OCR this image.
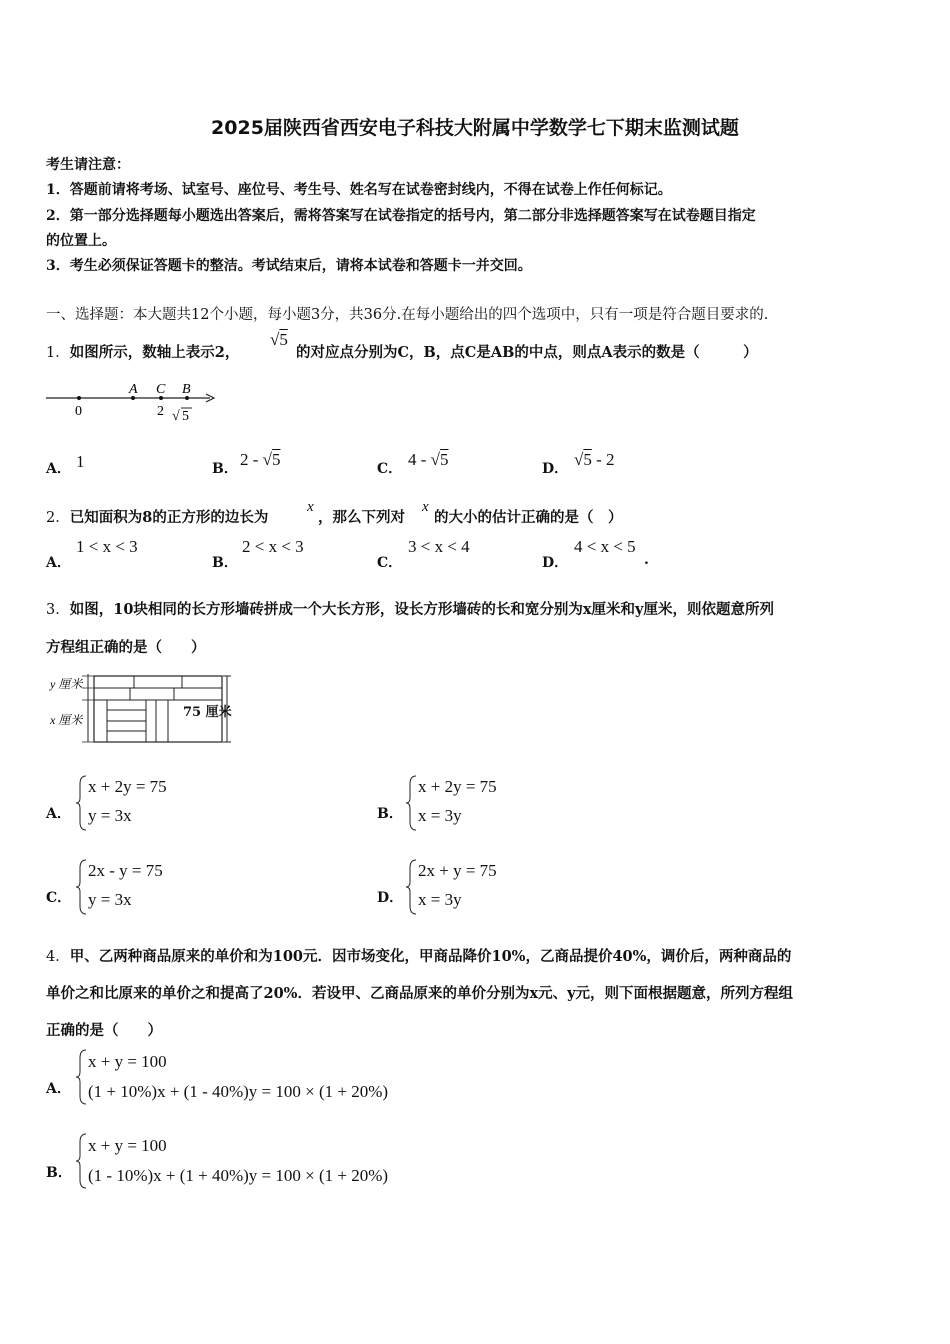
2025届陕西省西安电子科技大附属中学数学七下期末监测试题
考生请注意：
1．答题前请将考场、试室号、座位号、考生号、姓名写在试卷密封线内，不得在试卷上作任何标记。
2．第一部分选择题每小题选出答案后，需将答案写在试卷指定的括号内，第二部分非选择题答案写在试卷题目指定
的位置上。
3．考生必须保证答题卡的整洁。考试结束后，请将本试卷和答题卡一并交回。
一、选择题：本大题共12个小题，每小题3分，共36分.在每小题给出的四个选项中，只有一项是符合题目要求的.
1．如图所示，数轴上表示2，
√5
的对应点分别为C，B，点C是AB的中点，则点A表示的数是（　　　）
A C B
0	2 √ 5
A． 1	B． 2 - √5	C． 4 - √5	D． √5 - 2
2．已知面积为8的正方形的边长为
x
，那么下列对
x
的大小的估计正确的是（　）
A．
1 < x < 3
B．
2 < x < 3
C．
3 < x < 4
D．
4 < x < 5
.
3．如图，10块相同的长方形墙砖拼成一个大长方形，设长方形墙砖的长和宽分别为x厘米和y厘米，则依题意所列
方程组正确的是（　　）
y 厘米
x 厘米	75 厘米
A．
x + 2y = 75
y = 3x	B．
x + 2y = 75
x = 3y
C．
2x - y = 75
y = 3x	D．
2x + y = 75
x = 3y
4．甲、乙两种商品原来的单价和为100元．因市场变化，甲商品降价10%，乙商品提价40%，调价后，两种商品的
单价之和比原来的单价之和提高了20%．若设甲、乙商品原来的单价分别为x元、y元，则下面根据题意，所列方程组
正确的是（　　）
A．
x + y = 100
(1 + 10%)x + (1 - 40%)y = 100 × (1 + 20%)
B．
x + y = 100
(1 - 10%)x + (1 + 40%)y = 100 × (1 + 20%)
